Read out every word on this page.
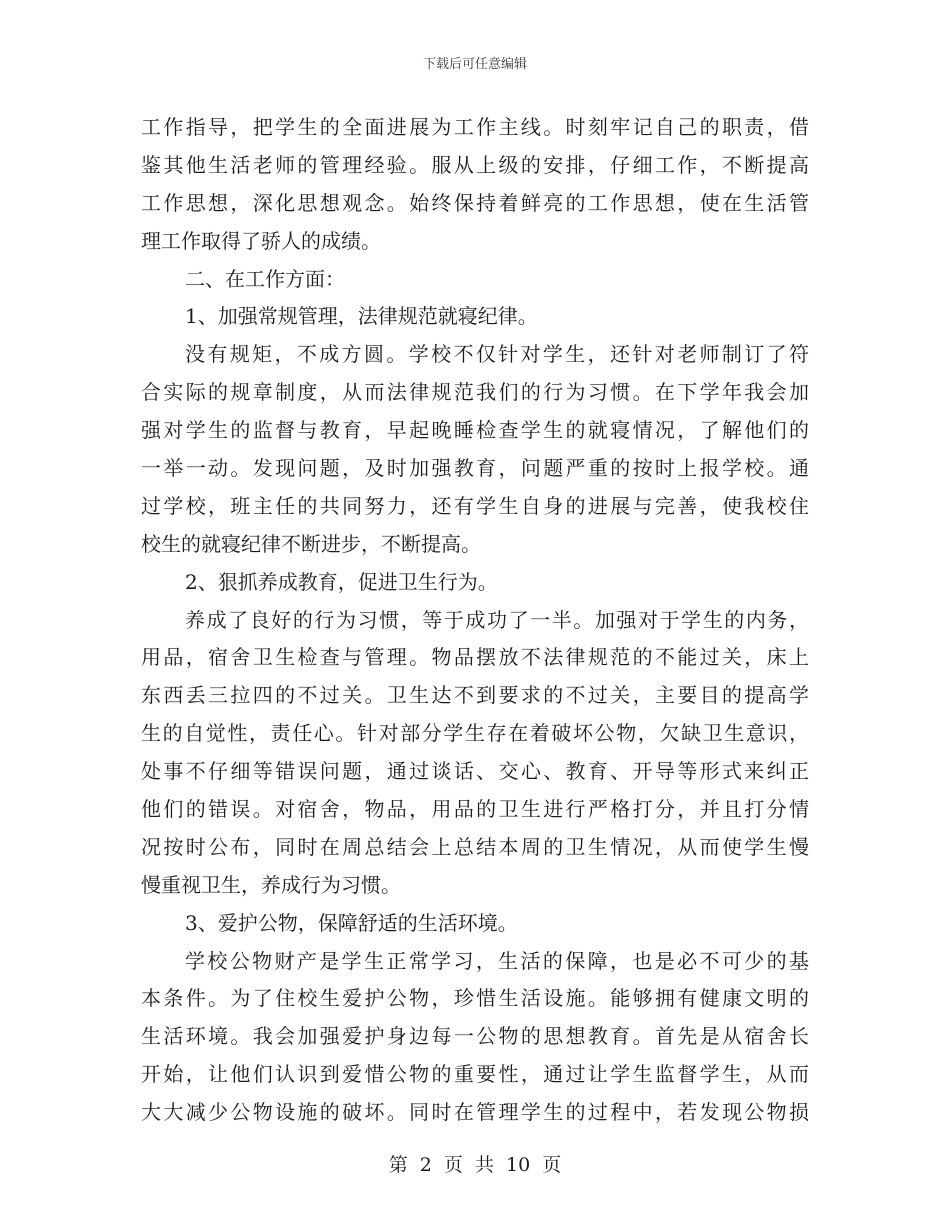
下载后可任意编辑
工作指导，把学生的全面进展为工作主线。时刻牢记自己的职责，借
鉴其他生活老师的管理经验。服从上级的安排，仔细工作，不断提高
工作思想，深化思想观念。始终保持着鲜亮的工作思想，使在生活管
理工作取得了骄人的成绩。
二、在工作方面：
1、加强常规管理，法律规范就寝纪律。
没有规矩，不成方圆。学校不仅针对学生，还针对老师制订了符
合实际的规章制度，从而法律规范我们的行为习惯。在下学年我会加
强对学生的监督与教育，早起晚睡检查学生的就寝情况，了解他们的
一举一动。发现问题，及时加强教育，问题严重的按时上报学校。通
过学校，班主任的共同努力，还有学生自身的进展与完善，使我校住
校生的就寝纪律不断进步，不断提高。
2、狠抓养成教育，促进卫生行为。
养成了良好的行为习惯，等于成功了一半。加强对于学生的内务，
用品，宿舍卫生检查与管理。物品摆放不法律规范的不能过关，床上
东西丢三拉四的不过关。卫生达不到要求的不过关，主要目的提高学
生的自觉性，责任心。针对部分学生存在着破坏公物，欠缺卫生意识，
处事不仔细等错误问题，通过谈话、交心、教育、开导等形式来纠正
他们的错误。对宿舍，物品，用品的卫生进行严格打分，并且打分情
况按时公布，同时在周总结会上总结本周的卫生情况，从而使学生慢
慢重视卫生，养成行为习惯。
3、爱护公物，保障舒适的生活环境。
学校公物财产是学生正常学习，生活的保障，也是必不可少的基
本条件。为了住校生爱护公物，珍惜生活设施。能够拥有健康文明的
生活环境。我会加强爱护身边每一公物的思想教育。首先是从宿舍长
开始，让他们认识到爱惜公物的重要性，通过让学生监督学生，从而
大大减少公物设施的破坏。同时在管理学生的过程中，若发现公物损
第 2 页 共 10 页
